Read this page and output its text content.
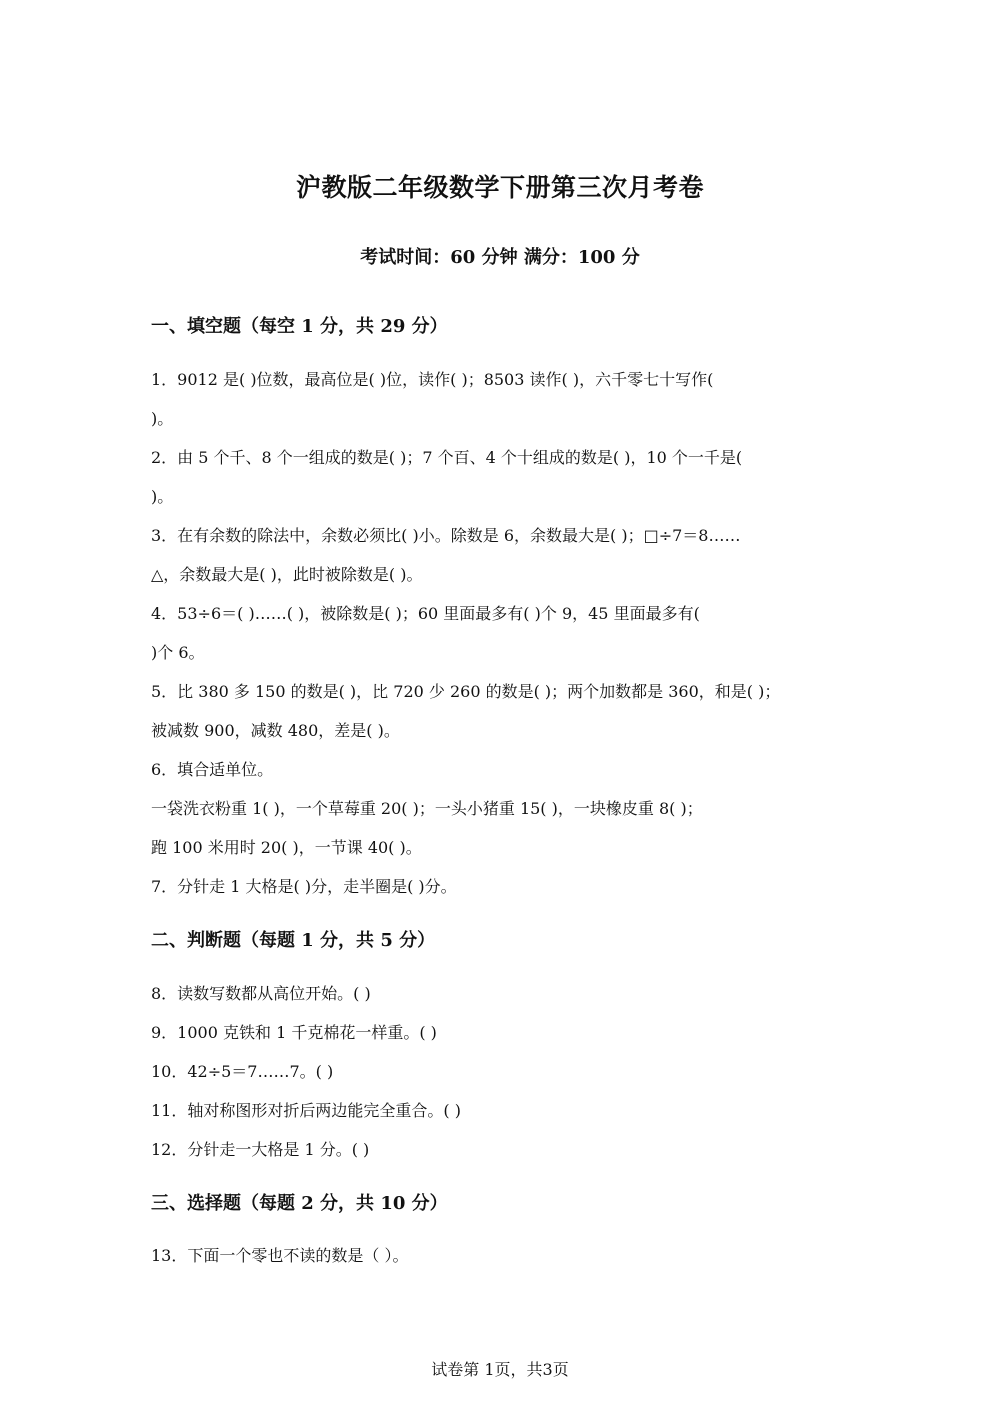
沪教版二年级数学下册第三次月考卷
考试时间：60 分钟 满分：100 分
一、填空题（每空 1 分，共 29 分）
1．9012 是( )位数，最高位是( )位，读作( )；8503 读作( )，六千零七十写作(
)。
2．由 5 个千、8 个一组成的数是( )；7 个百、4 个十组成的数是( )，10 个一千是(
)。
3．在有余数的除法中，余数必须比( )小。除数是 6，余数最大是( )；□÷7＝8……
△，余数最大是( )，此时被除数是( )。
4．53÷6＝( )……( )，被除数是( )；60 里面最多有( )个 9，45 里面最多有(
)个 6。
5．比 380 多 150 的数是( )，比 720 少 260 的数是( )；两个加数都是 360，和是( )；
被减数 900，减数 480，差是( )。
6．填合适单位。
一袋洗衣粉重 1( )，一个草莓重 20( )；一头小猪重 15( )，一块橡皮重 8( )；
跑 100 米用时 20( )，一节课 40( )。
7．分针走 1 大格是( )分，走半圈是( )分。
二、判断题（每题 1 分，共 5 分）
8．读数写数都从高位开始。( )
9．1000 克铁和 1 千克棉花一样重。( )
10．42÷5＝7……7。( )
11．轴对称图形对折后两边能完全重合。( )
12．分针走一大格是 1 分。( )
三、选择题（每题 2 分，共 10 分）
13．下面一个零也不读的数是（ ）。
试卷第 1页，共3页
